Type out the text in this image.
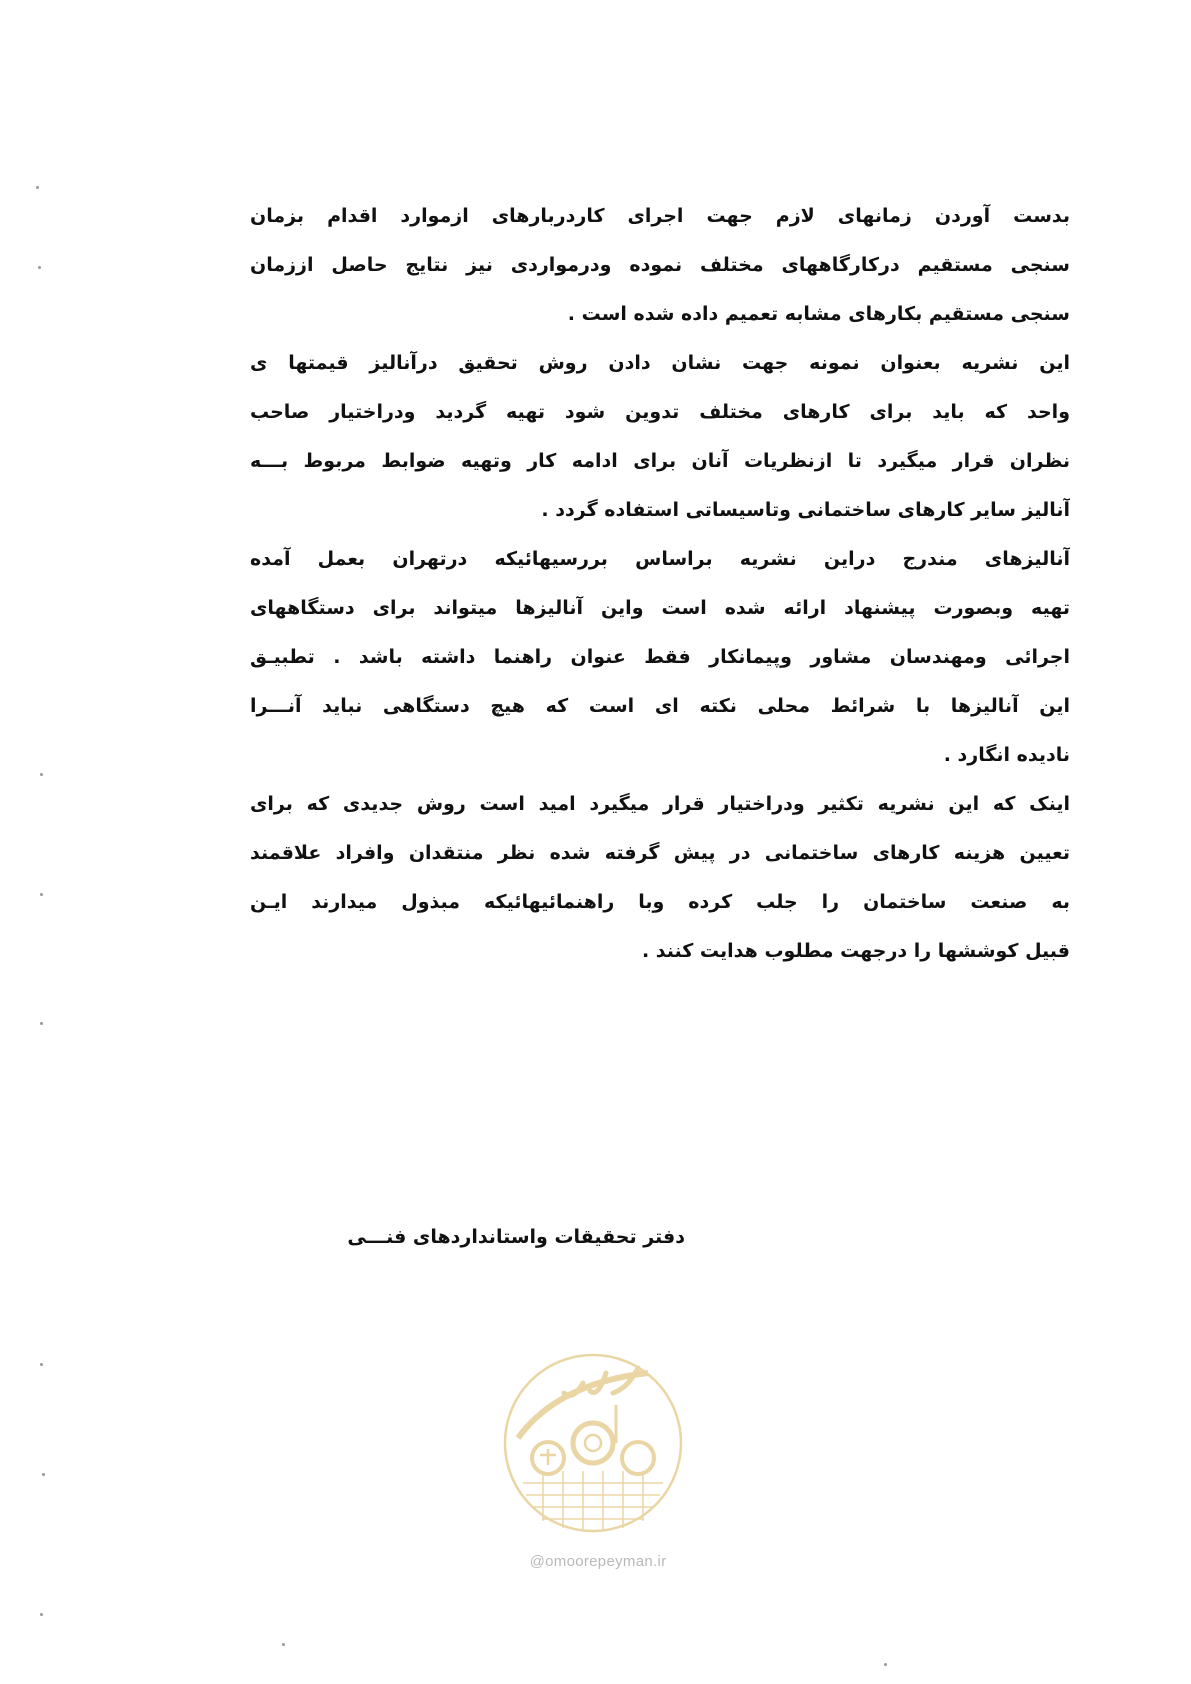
بدست آوردن زمانهای لازم جهت اجرای کاردربارهای ازموارد اقدام بزمان
سنجی مستقیم درکارگاههای مختلف نموده ودرمواردی نیز نتایج حاصل اززمان
سنجی مستقیم بکارهای مشابه تعمیم داده شده است .
این نشریه بعنوان نمونه جهت نشان دادن روش تحقیق درآنالیز قیمتها ی
واحد که باید برای کارهای مختلف تدوین شود تهیه گردید ودراختیار صاحب
نظران قرار میگیرد تا ازنظریات آنان برای ادامه کار وتهیه ضوابط مربوط بـــه
آنالیز سایر کارهای ساختمانی وتاسیساتی استفاده گردد .
آنالیزهای مندرج دراین نشریه براساس بررسیهائیکه درتهران بعمل آمده
تهیه وبصورت پیشنهاد ارائه شده است واین آنالیزها میتواند برای دستگاههای
اجرائی ومهندسان مشاور وپیمانکار فقط عنوان راهنما داشته باشد . تطبیـق
این آنالیزها با شرائط محلی نکته ای است که هیچ دستگاهی نباید آنـــرا
نادیده انگارد .
اینک که این نشریه تکثیر ودراختیار قرار میگیرد امید است روش جدیدی که برای
تعیین هزینه کارهای ساختمانی در پیش گرفته شده نظر منتقدان وافراد علاقمند
به صنعت ساختمان را جلب کرده وبا راهنمائیهائیکه مبذول میدارند ایـن
قبیل کوششها را درجهت مطلوب هدایت کنند .
دفتر تحقیقات واستانداردهای فنـــی
@omoorepeyman.ir
